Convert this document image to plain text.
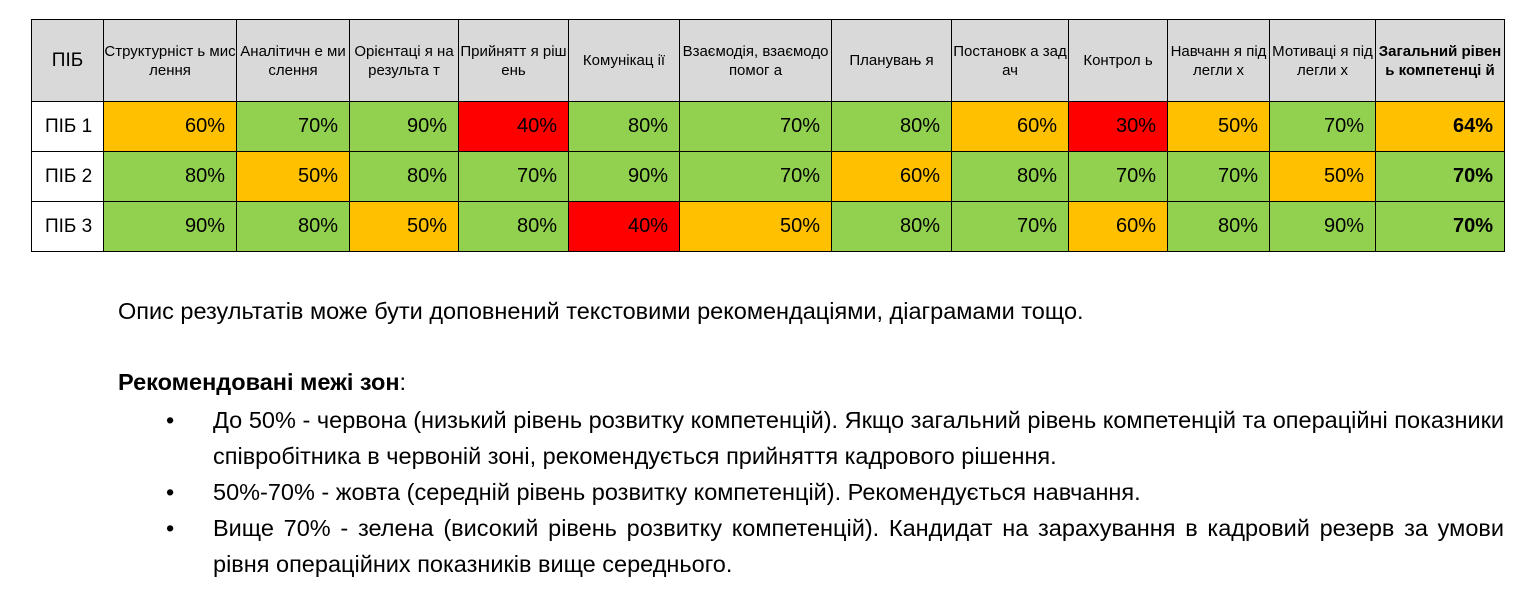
ПІБ	Структурніст ь мислення	Аналітичн е мислення	Орієнтаці я на результа т	Прийнятт я рішень	Комунікац ії	Взаємодія, взаємодопомог а	Планувањ я	Постановк а задач	Контрол ь	Навчанн я підлегли х	Мотиваці я підлегли х	Загальний рівень компетенці й
ПІБ 1	60%	70%	90%	40%	80%	70%	80%	60%	30%	50%	70%	64%
ПІБ 2	80%	50%	80%	70%	90%	70%	60%	80%	70%	70%	50%	70%
ПІБ 3	90%	80%	50%	80%	40%	50%	80%	70%	60%	80%	90%	70%

Опис результатів може бути доповнений текстовими рекомендаціями, діаграмами тощо.

Рекомендовані межі зон:

• До 50% - червона (низький рівень розвитку компетенцій). Якщо загальний рівень компетенцій та операційні показники співробітника в червоній зоні, рекомендується прийняття кадрового рішення.
• 50%-70% - жовта (середній рівень розвитку компетенцій). Рекомендується навчання.
• Вище 70% - зелена (високий рівень розвитку компетенцій). Кандидат на зарахування в кадровий резерв за умови рівня операційних показників вище середнього.
